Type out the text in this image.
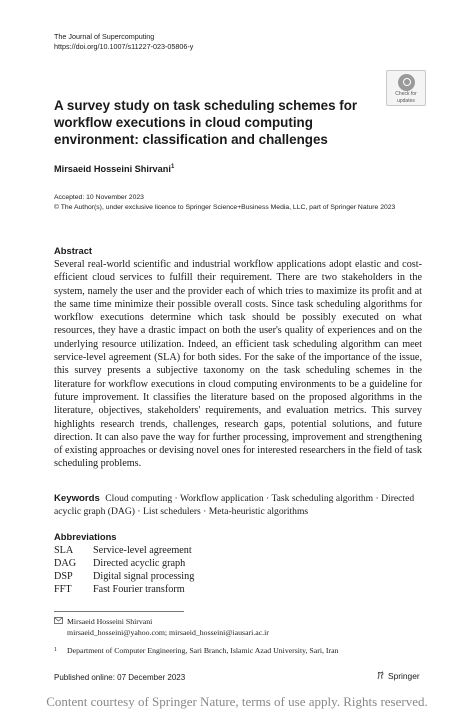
The Journal of Supercomputing
https://doi.org/10.1007/s11227-023-05806-y
Check for
updates
A survey study on task scheduling schemes for workflow executions in cloud computing environment: classification and challenges
Mirsaeid Hosseini Shirvani$^1$
Accepted: 10 November 2023
© The Author(s), under exclusive licence to Springer Science+Business Media, LLC, part of Springer Nature 2023
Abstract
Several real-world scientific and industrial workflow applications adopt elastic and cost-efficient cloud services to fulfill their requirement. There are two stakeholders in the system, namely the user and the provider each of which tries to maximize its profit and at the same time minimize their possible overall costs. Since task scheduling algorithms for workflow executions determine which task should be possibly executed on what resources, they have a drastic impact on both the user's quality of experiences and on the underlying resource utilization. Indeed, an efficient task scheduling algorithm can meet service-level agreement (SLA) for both sides. For the sake of the importance of the issue, this survey presents a subjective taxonomy on the task scheduling schemes in the literature for workflow executions in cloud computing environments to be a guideline for future improvement. It classifies the literature based on the proposed algorithms in the literature, objectives, stakeholders' requirements, and evaluation metrics. This survey highlights research trends, challenges, research gaps, potential solutions, and future direction. It can also pave the way for further processing, improvement and strengthening of existing approaches or devising novel ones for interested researchers in the field of task scheduling problems.
Keywords Cloud computing · Workflow application · Task scheduling algorithm · Directed acyclic graph (DAG) · List schedulers · Meta-heuristic algorithms
Abbreviations
SLA Service-level agreement
DAG Directed acyclic graph
DSP Digital signal processing
FFT Fast Fourier transform
Mirsaeid Hosseini Shirvani
mirsaeid_hosseini@yahoo.com; mirsaeid_hosseini@iausari.ac.ir
$^1$ Department of Computer Engineering, Sari Branch, Islamic Azad University, Sari, Iran
Published online: 07 December 2023	Springer
Content courtesy of Springer Nature, terms of use apply. Rights reserved.
